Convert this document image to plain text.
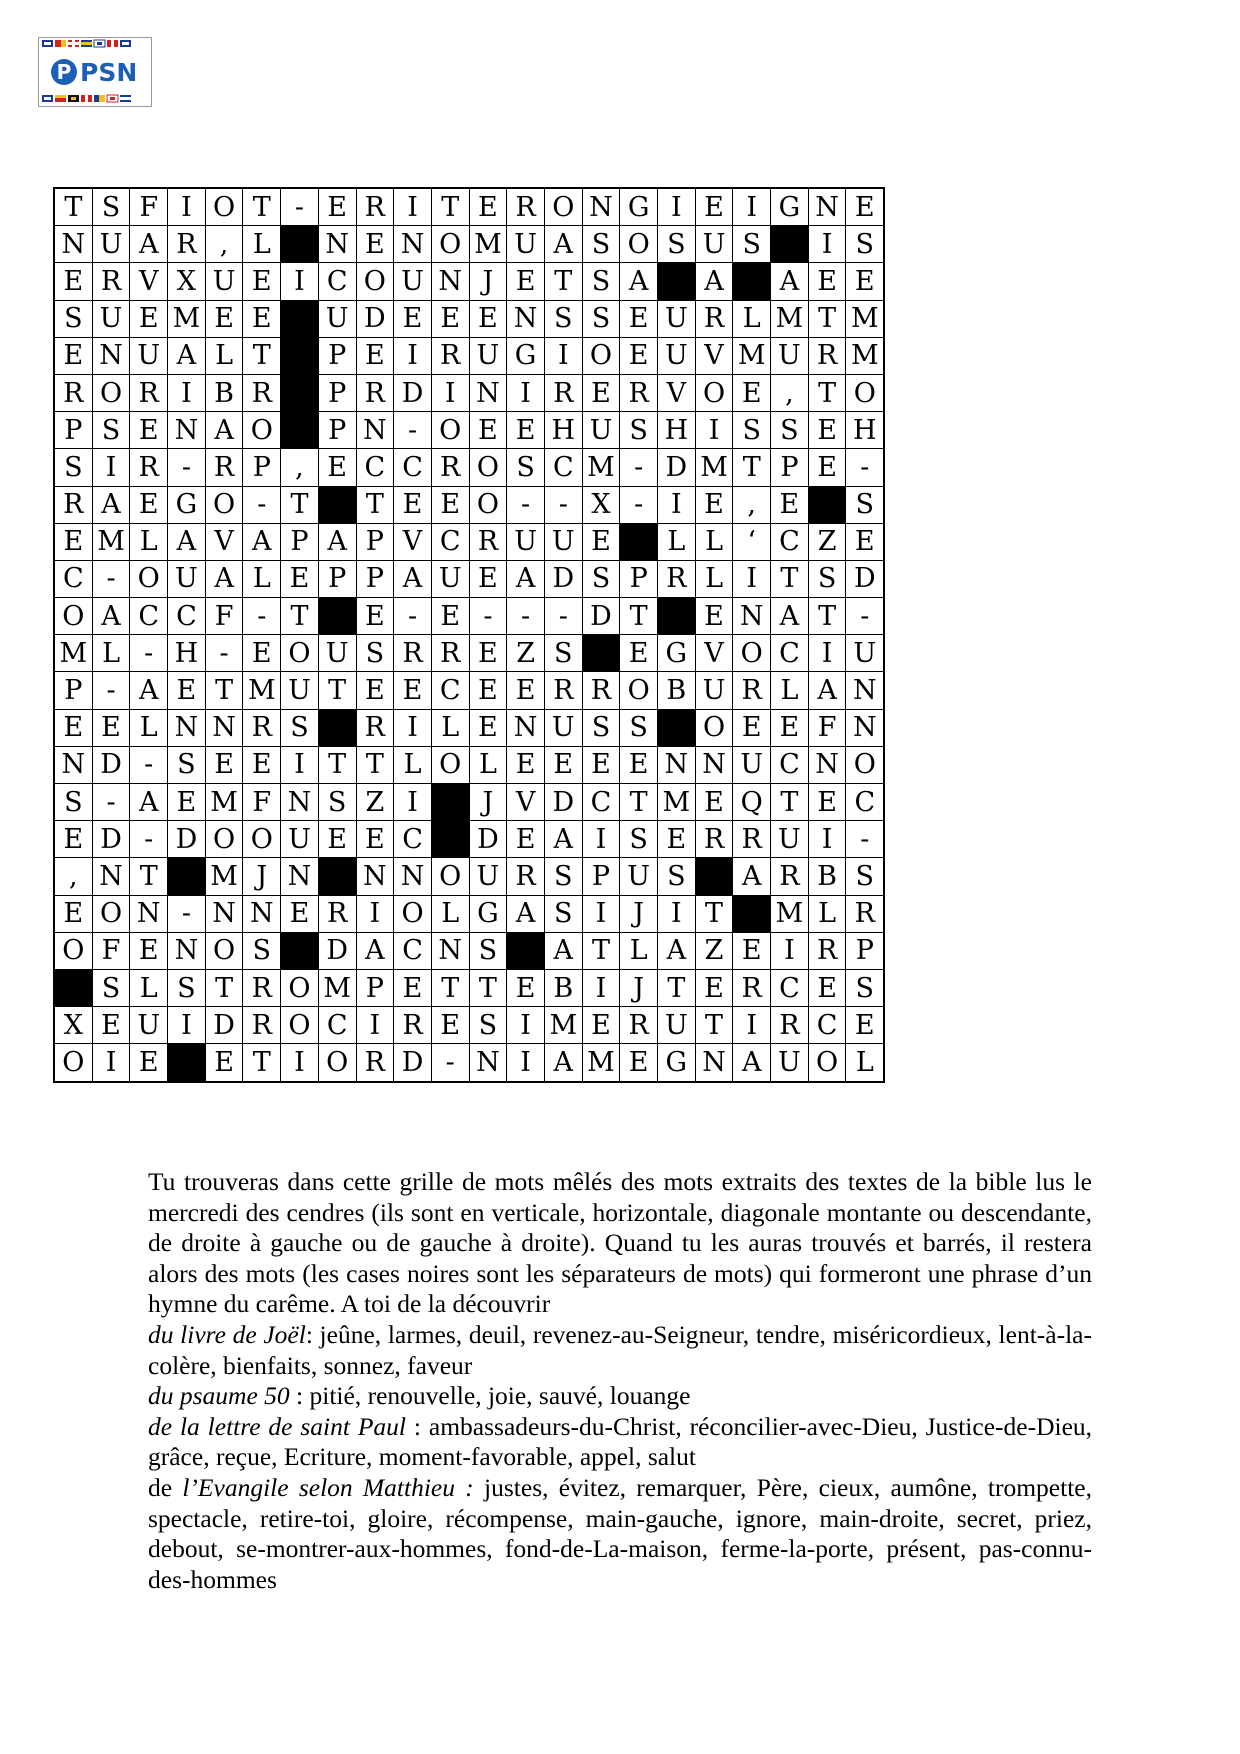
P PSN
T	S	F	I	O	T	-	E	R	I	T	E	R	O	N	G	I	E	I	G	N	E
N	U	A	R	,	L		N	E	N	O	M	U	A	S	O	S	U	S		I	S
E	R	V	X	U	E	I	C	O	U	N	J	E	T	S	A		A		A	E	E
S	U	E	M	E	E		U	D	E	E	E	N	S	S	E	U	R	L	M	T	M
E	N	U	A	L	T		P	E	I	R	U	G	I	O	E	U	V	M	U	R	M
R	O	R	I	B	R		P	R	D	I	N	I	R	E	R	V	O	E	,	T	O
P	S	E	N	A	O		P	N	-	O	E	E	H	U	S	H	I	S	S	E	H
S	I	R	-	R	P	,	E	C	C	R	O	S	C	M	-	D	M	T	P	E	-
R	A	E	G	O	-	T		T	E	E	O	-	-	X	-	I	E	,	E		S
E	M	L	A	V	A	P	A	P	V	C	R	U	U	E		L	L	‘	C	Z	E
C	-	O	U	A	L	E	P	P	A	U	E	A	D	S	P	R	L	I	T	S	D
O	A	C	C	F	-	T		E	-	E	-	-	-	D	T		E	N	A	T	-
M	L	-	H	-	E	O	U	S	R	R	E	Z	S		E	G	V	O	C	I	U
P	-	A	E	T	M	U	T	E	E	C	E	E	R	R	O	B	U	R	L	A	N
E	E	L	N	N	R	S		R	I	L	E	N	U	S	S		O	E	E	F	N
N	D	-	S	E	E	I	T	T	L	O	L	E	E	E	E	N	N	U	C	N	O
S	-	A	E	M	F	N	S	Z	I		J	V	D	C	T	M	E	Q	T	E	C
E	D	-	D	O	O	U	E	E	C		D	E	A	I	S	E	R	R	U	I	-
,	N	T		M	J	N		N	N	O	U	R	S	P	U	S		A	R	B	S
E	O	N	-	N	N	E	R	I	O	L	G	A	S	I	J	I	T		M	L	R
O	F	E	N	O	S		D	A	C	N	S		A	T	L	A	Z	E	I	R	P
	S	L	S	T	R	O	M	P	E	T	T	E	B	I	J	T	E	R	C	E	S
X	E	U	I	D	R	O	C	I	R	E	S	I	M	E	R	U	T	I	R	C	E
O	I	E		E	T	I	O	R	D	-	N	I	A	M	E	G	N	A	U	O	L

Tu trouveras dans cette grille de mots mêlés des mots extraits des textes de la bible lus le mercredi des cendres (ils sont en verticale, horizontale, diagonale montante ou descendante, de droite à gauche ou de gauche à droite). Quand tu les auras trouvés et barrés, il restera alors des mots (les cases noires sont les séparateurs de mots) qui formeront une phrase d’un hymne du carême. A toi de la découvrir

du livre de Joël: jeûne, larmes, deuil, revenez-au-Seigneur, tendre, miséricordieux, lent-à-la-colère, bienfaits, sonnez, faveur

du psaume 50 : pitié, renouvelle, joie, sauvé, louange

de la lettre de saint Paul : ambassadeurs-du-Christ, réconcilier-avec-Dieu, Justice-de-Dieu, grâce, reçue, Ecriture, moment-favorable, appel, salut

de l’Evangile selon Matthieu : justes, évitez, remarquer, Père, cieux, aumône, trompette, spectacle, retire-toi, gloire, récompense, main-gauche, ignore, main-droite, secret, priez, debout, se-montrer-aux-hommes, fond-de-La-maison, ferme-la-porte, présent, pas-connu-des-hommes
